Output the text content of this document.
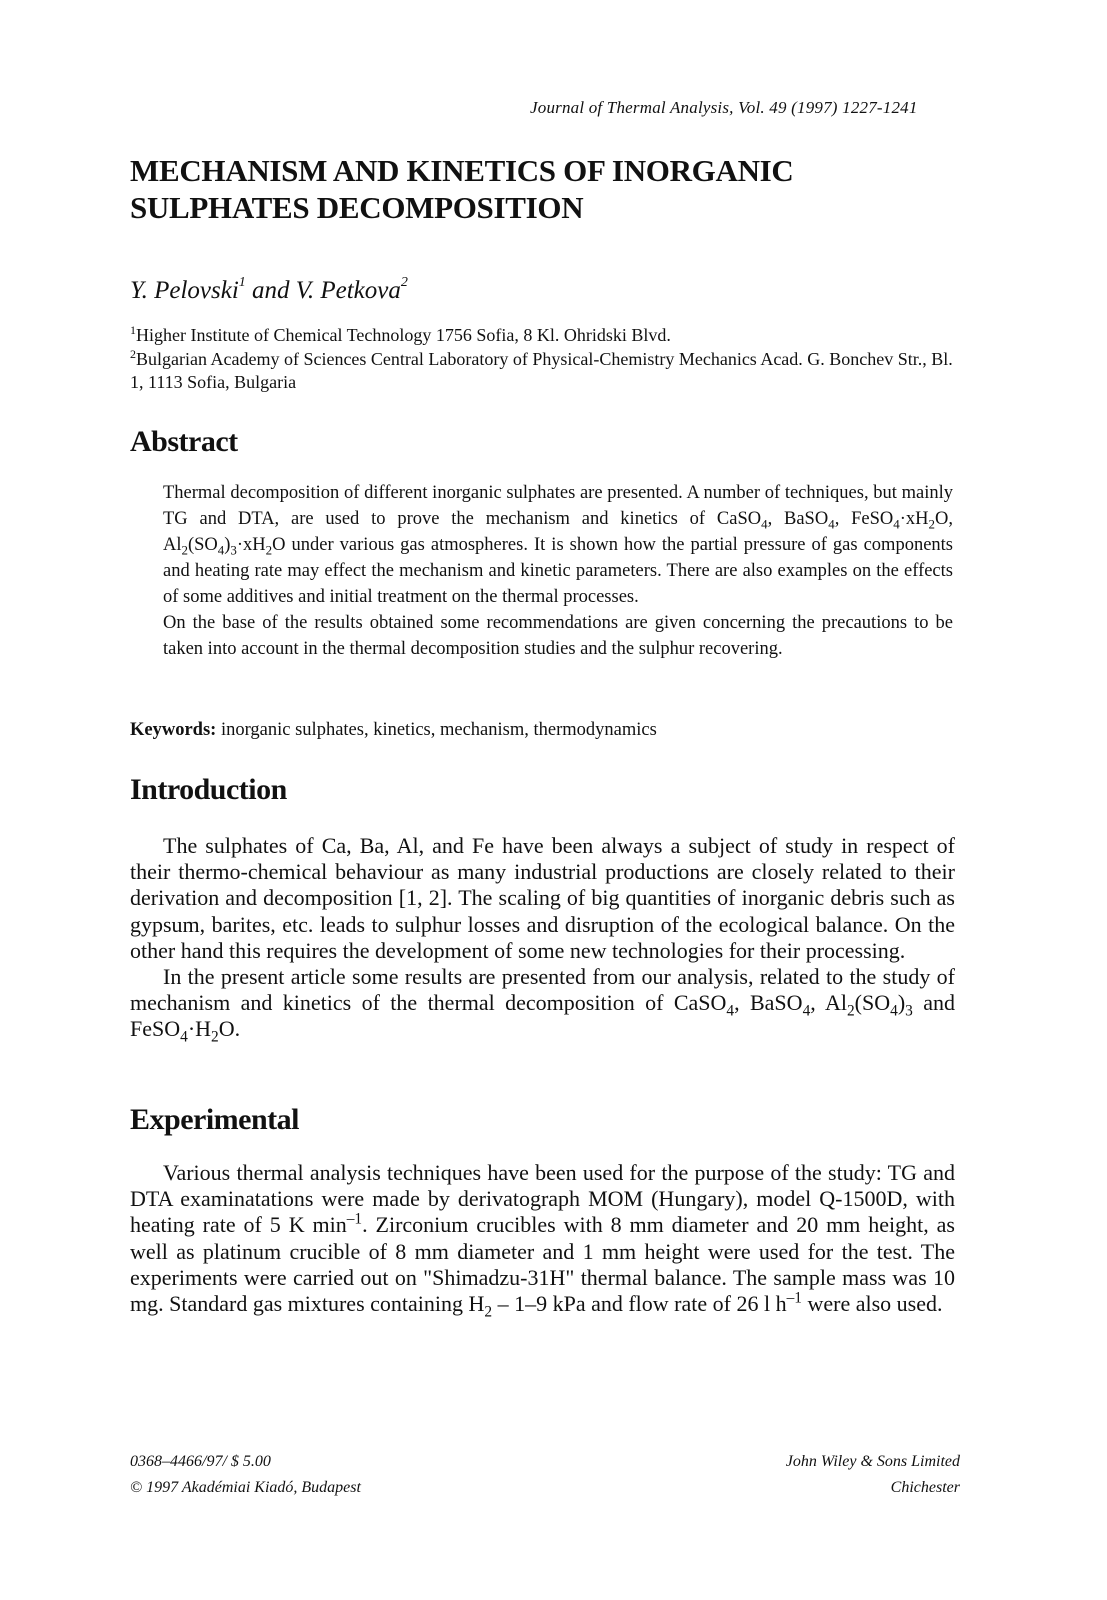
Journal of Thermal Analysis, Vol. 49 (1997) 1227-1241
MECHANISM AND KINETICS OF INORGANIC
SULPHATES DECOMPOSITION
Y. Pelovski$^1$ and V. Petkova$^2$
$^1$Higher Institute of Chemical Technology 1756 Sofia, 8 Kl. Ohridski Blvd.
$^2$Bulgarian Academy of Sciences Central Laboratory of Physical-Chemistry Mechanics Acad. G. Bonchev Str., Bl. 1, 1113 Sofia, Bulgaria
Abstract

Thermal decomposition of different inorganic sulphates are presented. A number of techniques, but mainly TG and DTA, are used to prove the mechanism and kinetics of CaSO$_4$, BaSO$_4$, $FeSO_4\cdot xH_2O$, $Al_2(SO_4)_3\cdot xH_2O$ under various gas atmospheres. It is shown how the partial pressure of gas components and heating rate may effect the mechanism and kinetic parameters. There are also examples on the effects of some additives and initial treatment on the thermal processes.

On the base of the results obtained some recommendations are given concerning the precautions to be taken into account in the thermal decomposition studies and the sulphur recovering.

Keywords: inorganic sulphates, kinetics, mechanism, thermodynamics
Introduction

The sulphates of Ca, Ba, Al, and Fe have been always a subject of study in respect of their thermo-chemical behaviour as many industrial productions are closely related to their derivation and decomposition [1, 2]. The scaling of big quantities of inorganic debris such as gypsum, barites, etc. leads to sulphur losses and disruption of the ecological balance. On the other hand this requires the development of some new technologies for their processing.

In the present article some results are presented from our analysis, related to the study of mechanism and kinetics of the thermal decomposition of CaSO$_4$, BaSO$_4$, $Al_2(SO_4)_3$ and $FeSO_4\cdot H_2O$.

Experimental

Various thermal analysis techniques have been used for the purpose of the study: TG and DTA examinatations were made by derivatograph MOM (Hungary), model Q-1500D, with heating rate of 5 K $\min^{-1}$. Zirconium crucibles with 8 mm diameter and 20 mm height, as well as platinum crucible of 8 mm diameter and 1 mm height were used for the test. The experiments were carried out on "Shimadzu-31H" thermal balance. The sample mass was 10 mg. Standard gas mixtures containing $H_2 - 1-9$ kPa and flow rate of 26 l $h^{-1}$ were also used.

0368–4466/97/ $ 5.00
© 1997 Akadémiai Kiadó, Budapest
John Wiley & Sons Limited
Chichester
